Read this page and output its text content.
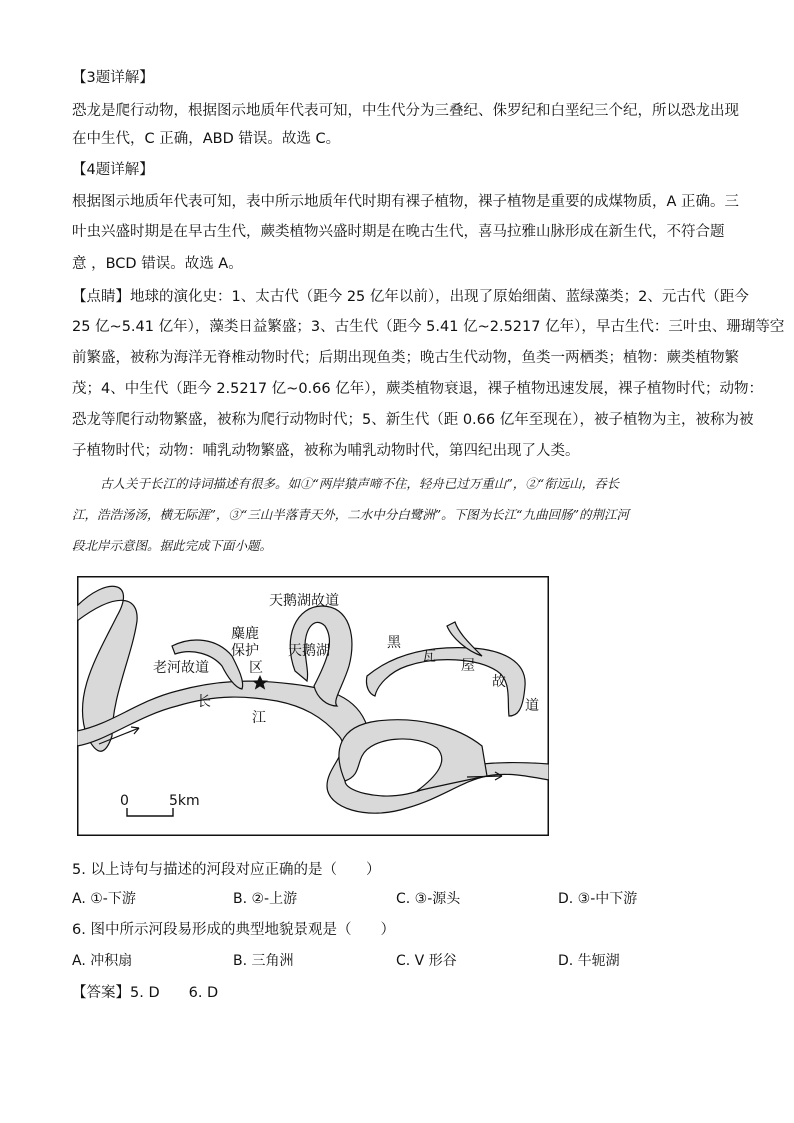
【3题详解】
恐龙是爬行动物，根据图示地质年代表可知，中生代分为三叠纪、侏罗纪和白垩纪三个纪，所以恐龙出现
在中生代，C 正确，ABD 错误。故选 C。
【4题详解】
根据图示地质年代表可知，表中所示地质年代时期有裸子植物，裸子植物是重要的成煤物质，A 正确。三
叶虫兴盛时期是在早古生代，蕨类植物兴盛时期是在晚古生代，喜马拉雅山脉形成在新生代，不符合题
意 ，BCD 错误。故选 A。
【点睛】地球的演化史：1、太古代（距今 25 亿年以前），出现了原始细菌、蓝绿藻类；2、元古代（距今
25 亿~5.41 亿年），藻类日益繁盛；3、古生代（距今 5.41 亿~2.5217 亿年），早古生代：三叶虫、珊瑚等空
前繁盛，被称为海洋无脊椎动物时代；后期出现鱼类；晚古生代动物，鱼类一两栖类；植物：蕨类植物繁
茂；4、中生代（距今 2.5217 亿~0.66 亿年），蕨类植物衰退，裸子植物迅速发展，裸子植物时代；动物：
恐龙等爬行动物繁盛，被称为爬行动物时代；5、新生代（距 0.66 亿年至现在），被子植物为主，被称为被
子植物时代；动物：哺乳动物繁盛，被称为哺乳动物时代，第四纪出现了人类。
古人关于长江的诗词描述有很多。如①“两岸猿声啼不住，轻舟已过万重山”，②“衔远山，吞长
江，浩浩汤汤，横无际涯”，③“三山半落青天外，二水中分白鹭洲”。下图为长江“九曲回肠”的荆江河
段北岸示意图。据此完成下面小题。
天鹅湖故道
麋鹿
保护
区
天鹅湖
老河故道
长
江
黑
瓦
屋
故
道
0	5km
5. 以上诗句与描述的河段对应正确的是（　　）
A. ①-下游	B. ②-上游	C. ③-源头	D. ③-中下游
6. 图中所示河段易形成的典型地貌景观是（　　）
A. 冲积扇	B. 三角洲	C. V 形谷	D. 牛轭湖
【答案】5. D　　6. D
